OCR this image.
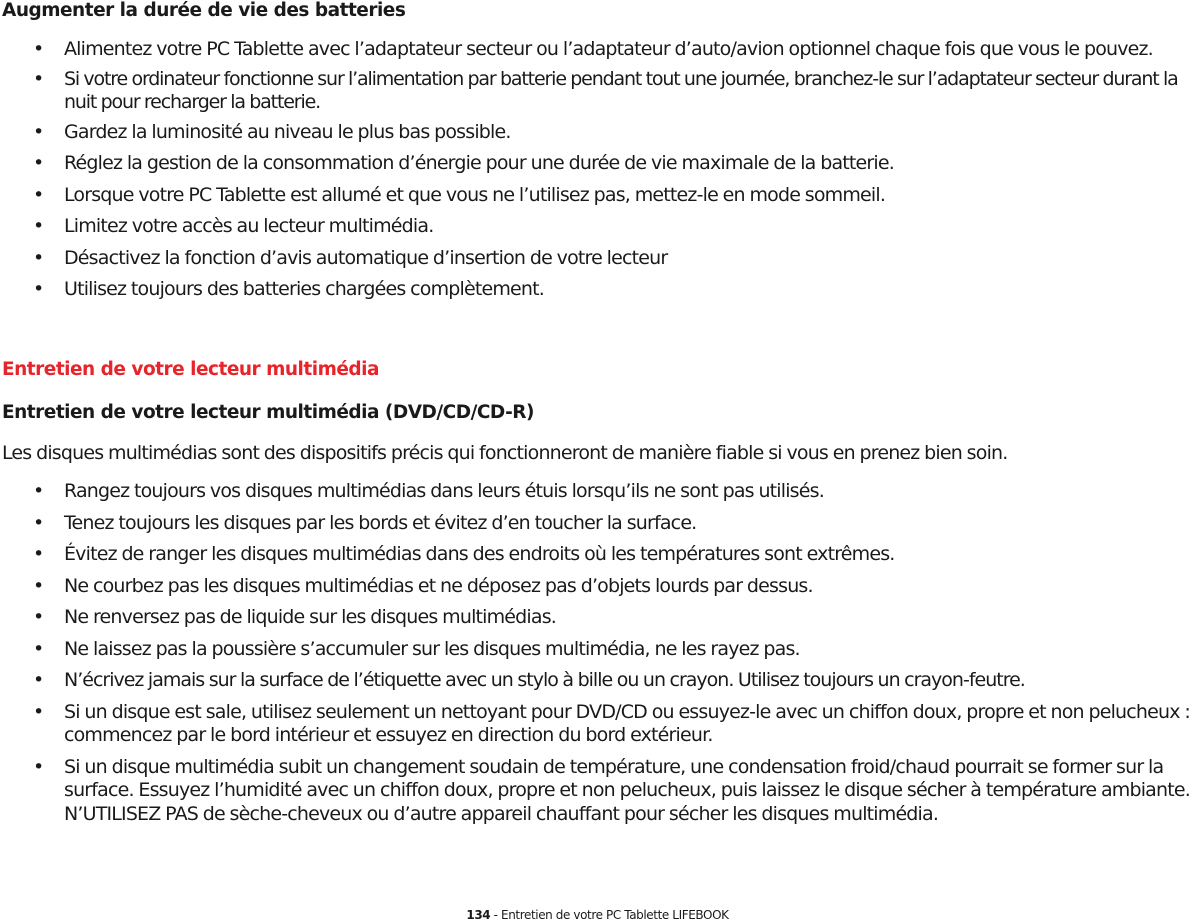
Augmenter la durée de vie des batteries
• Alimentez votre PC Tablette avec l’adaptateur secteur ou l’adaptateur d’auto/avion optionnel chaque fois que vous le pouvez.
• Si votre ordinateur fonctionne sur l’alimentation par batterie pendant tout une journée, branchez-le sur l’adaptateur secteur durant la nuit pour recharger la batterie.
• Gardez la luminosité au niveau le plus bas possible.
• Réglez la gestion de la consommation d’énergie pour une durée de vie maximale de la batterie.
• Lorsque votre PC Tablette est allumé et que vous ne l’utilisez pas, mettez-le en mode sommeil.
• Limitez votre accès au lecteur multimédia.
• Désactivez la fonction d’avis automatique d’insertion de votre lecteur
• Utilisez toujours des batteries chargées complètement.
Entretien de votre lecteur multimédia
Entretien de votre lecteur multimédia (DVD/CD/CD-R)
Les disques multimédias sont des dispositifs précis qui fonctionneront de manière fiable si vous en prenez bien soin.
• Rangez toujours vos disques multimédias dans leurs étuis lorsqu’ils ne sont pas utilisés.
• Tenez toujours les disques par les bords et évitez d’en toucher la surface.
• Évitez de ranger les disques multimédias dans des endroits où les températures sont extrêmes.
• Ne courbez pas les disques multimédias et ne déposez pas d’objets lourds par dessus.
• Ne renversez pas de liquide sur les disques multimédias.
• Ne laissez pas la poussière s’accumuler sur les disques multimédia, ne les rayez pas.
• N’écrivez jamais sur la surface de l’étiquette avec un stylo à bille ou un crayon. Utilisez toujours un crayon-feutre.
• Si un disque est sale, utilisez seulement un nettoyant pour DVD/CD ou essuyez-le avec un chiffon doux, propre et non pelucheux : commencez par le bord intérieur et essuyez en direction du bord extérieur.
• Si un disque multimédia subit un changement soudain de température, une condensation froid/chaud pourrait se former sur la surface. Essuyez l’humidité avec un chiffon doux, propre et non pelucheux, puis laissez le disque sécher à température ambiante. N’UTILISEZ PAS de sèche-cheveux ou d’autre appareil chauffant pour sécher les disques multimédia.
134 - Entretien de votre PC Tablette LIFEBOOK
